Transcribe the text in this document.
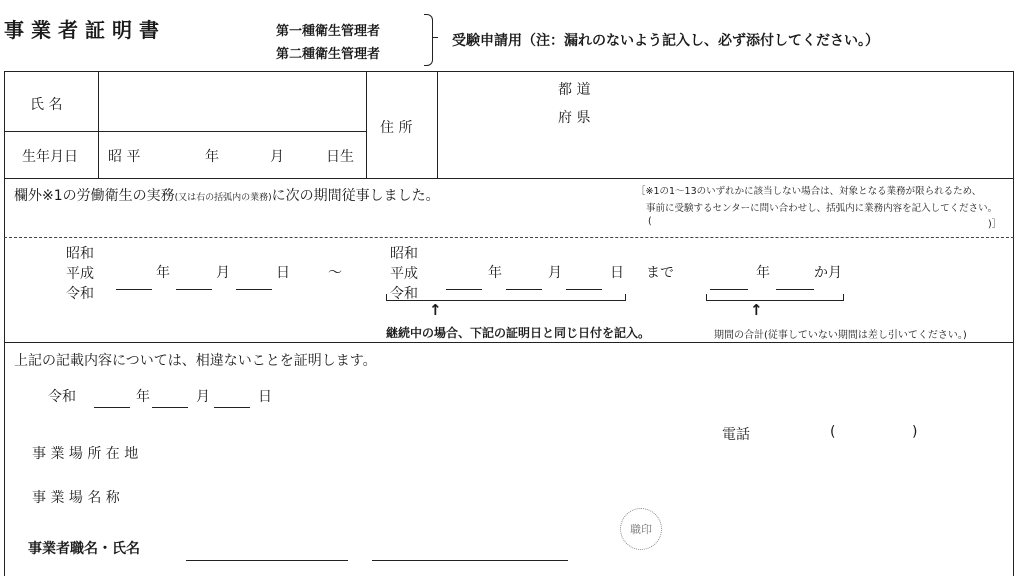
事業者証明書	第一種衛生管理者
第二種衛生管理者
受験申請用（注：漏れのないよう記入し、必ず添付してください。）
氏 名
生年月日 昭 平	年	月	日生
住 所
都 道
府 県
欄外※1の労働衛生の実務(又は右の括弧内の業務)に次の期間従事しました。	［※1の1～13のいずれかに該当しない場合は、対象となる業務が限られるため、
事前に受験するセンターに問い合わせし、括弧内に業務内容を記入してください。
(	)］
昭和
平成
令和
年	月	日	～
昭和
平成
令和
年	月	日 まで
↑
年	か月
↑
継続中の場合、下記の証明日と同じ日付を記入。	期間の合計(従事していない期間は差し引いてください。)
上記の記載内容については、相違ないことを証明します。
令和	年	月	日
事 業 場 所 在 地
電話	(	)
事 業 場 名 称
事業者職名・氏名
職印
